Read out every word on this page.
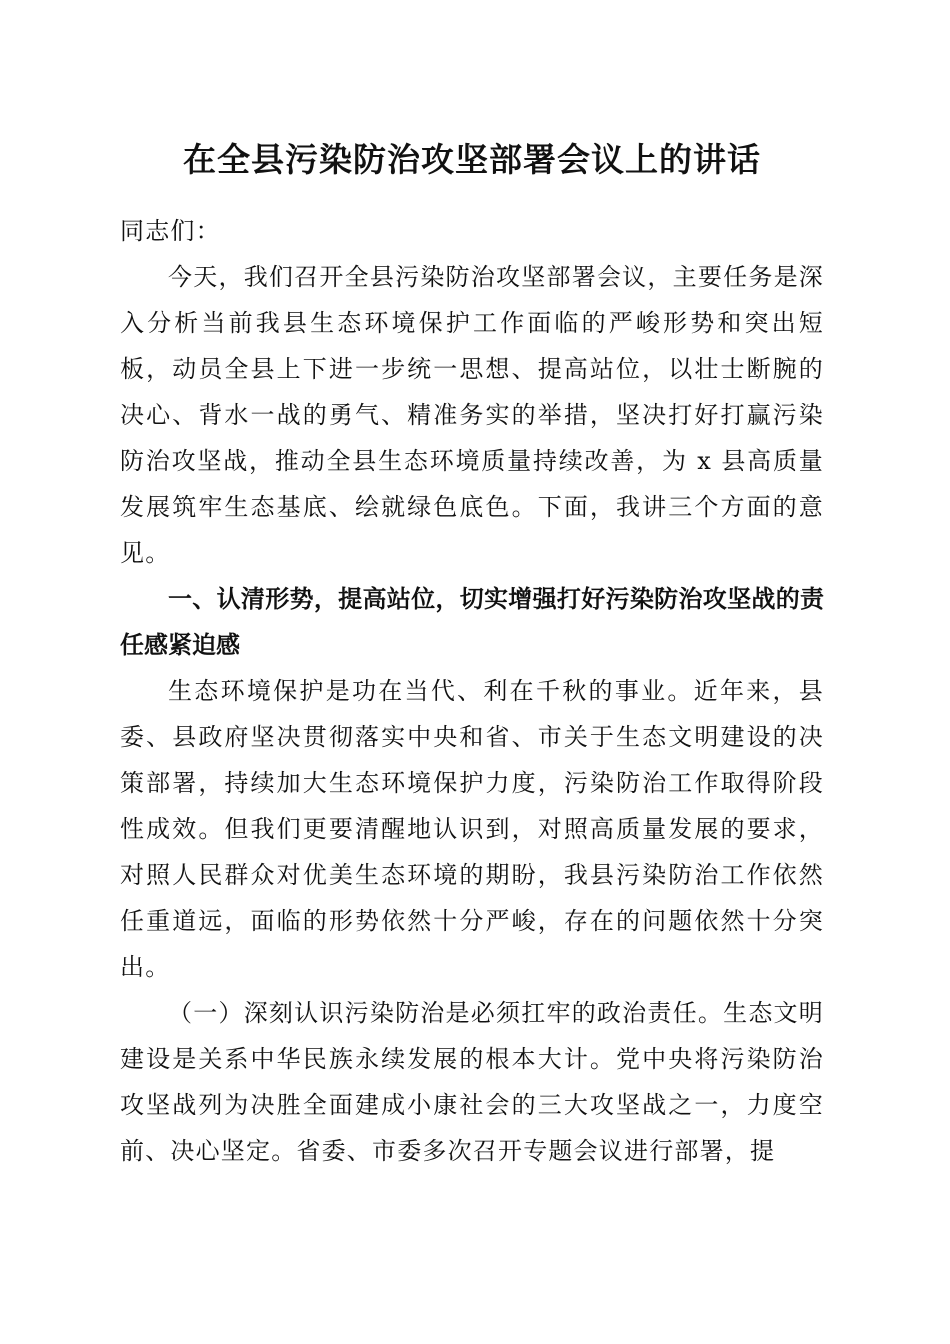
在全县污染防治攻坚部署会议上的讲话

同志们：

今天，我们召开全县污染防治攻坚部署会议，主要任务是深入分析当前我县生态环境保护工作面临的严峻形势和突出短板，动员全县上下进一步统一思想、提高站位，以壮士断腕的决心、背水一战的勇气、精准务实的举措，坚决打好打赢污染防治攻坚战，推动全县生态环境质量持续改善，为 x 县高质量发展筑牢生态基底、绘就绿色底色。下面，我讲三个方面的意见。

一、认清形势，提高站位，切实增强打好污染防治攻坚战的责任感紧迫感

生态环境保护是功在当代、利在千秋的事业。近年来，县委、县政府坚决贯彻落实中央和省、市关于生态文明建设的决策部署，持续加大生态环境保护力度，污染防治工作取得阶段性成效。但我们更要清醒地认识到，对照高质量发展的要求，对照人民群众对优美生态环境的期盼，我县污染防治工作依然任重道远，面临的形势依然十分严峻，存在的问题依然十分突出。

（一）深刻认识污染防治是必须扛牢的政治责任。生态文明建设是关系中华民族永续发展的根本大计。党中央将污染防治攻坚战列为决胜全面建成小康社会的三大攻坚战之一，力度空前、决心坚定。省委、市委多次召开专题会议进行部署，提
